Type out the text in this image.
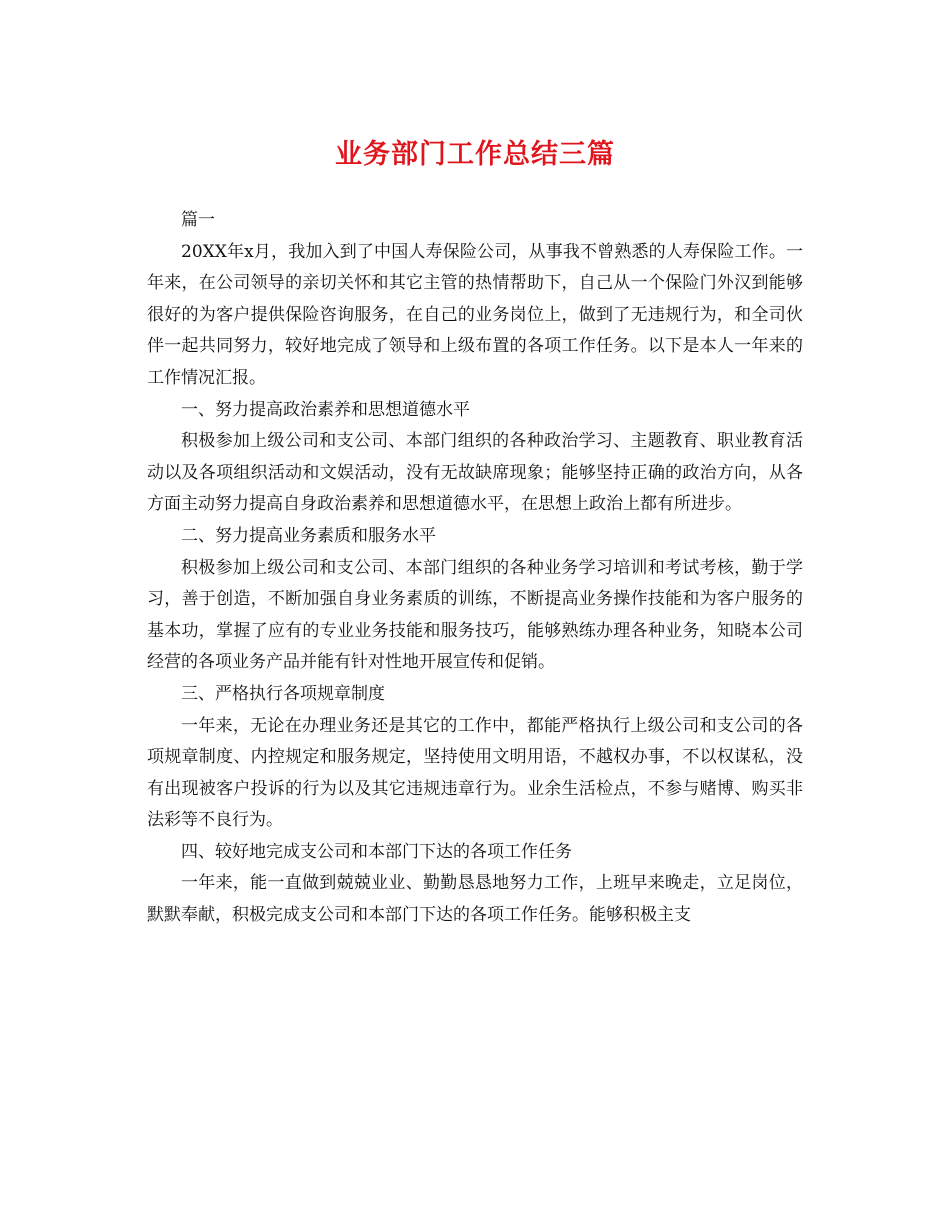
业务部门工作总结三篇

篇一

20XX年x月，我加入到了中国人寿保险公司，从事我不曾熟悉的人寿保险工作。一年来，在公司领导的亲切关怀和其它主管的热情帮助下，自己从一个保险门外汉到能够很好的为客户提供保险咨询服务，在自己的业务岗位上，做到了无违规行为，和全司伙伴一起共同努力，较好地完成了领导和上级布置的各项工作任务。以下是本人一年来的工作情况汇报。

一、努力提高政治素养和思想道德水平

积极参加上级公司和支公司、本部门组织的各种政治学习、主题教育、职业教育活动以及各项组织活动和文娱活动，没有无故缺席现象；能够坚持正确的政治方向，从各方面主动努力提高自身政治素养和思想道德水平，在思想上政治上都有所进步。

二、努力提高业务素质和服务水平

积极参加上级公司和支公司、本部门组织的各种业务学习培训和考试考核，勤于学习，善于创造，不断加强自身业务素质的训练，不断提高业务操作技能和为客户服务的基本功，掌握了应有的专业业务技能和服务技巧，能够熟练办理各种业务，知晓本公司经营的各项业务产品并能有针对性地开展宣传和促销。

三、严格执行各项规章制度

一年来，无论在办理业务还是其它的工作中，都能严格执行上级公司和支公司的各项规章制度、内控规定和服务规定，坚持使用文明用语，不越权办事，不以权谋私，没有出现被客户投诉的行为以及其它违规违章行为。业余生活检点，不参与赌博、购买非法彩等不良行为。

四、较好地完成支公司和本部门下达的各项工作任务

一年来，能一直做到兢兢业业、勤勤恳恳地努力工作，上班早来晚走，立足岗位，默默奉献，积极完成支公司和本部门下达的各项工作任务。能够积极主支
